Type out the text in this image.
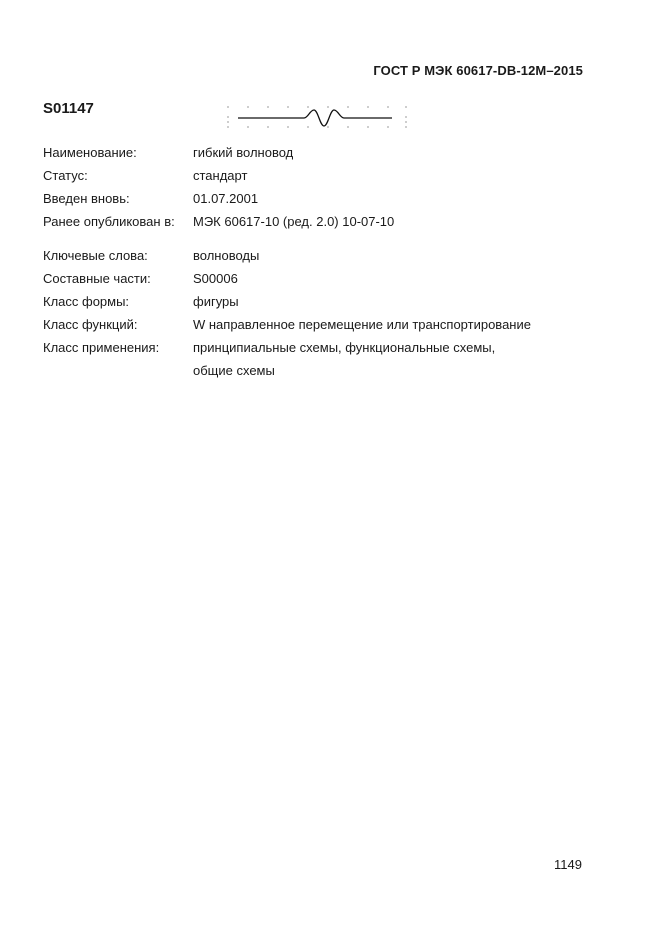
ГОСТ Р МЭК 60617-DB-12M–2015
S01147
Наименование:	гибкий волновод
Статус:	стандарт
Введен вновь:	01.07.2001
Ранее опубликован в:	МЭК 60617-10 (ред. 2.0) 10-07-10
Ключевые слова:	волноводы
Составные части:	S00006
Класс формы:	фигуры
Класс функций:	W направленное перемещение или транспортирование
Класс применения:	принципиальные схемы, функциональные схемы,
общие схемы
1149
